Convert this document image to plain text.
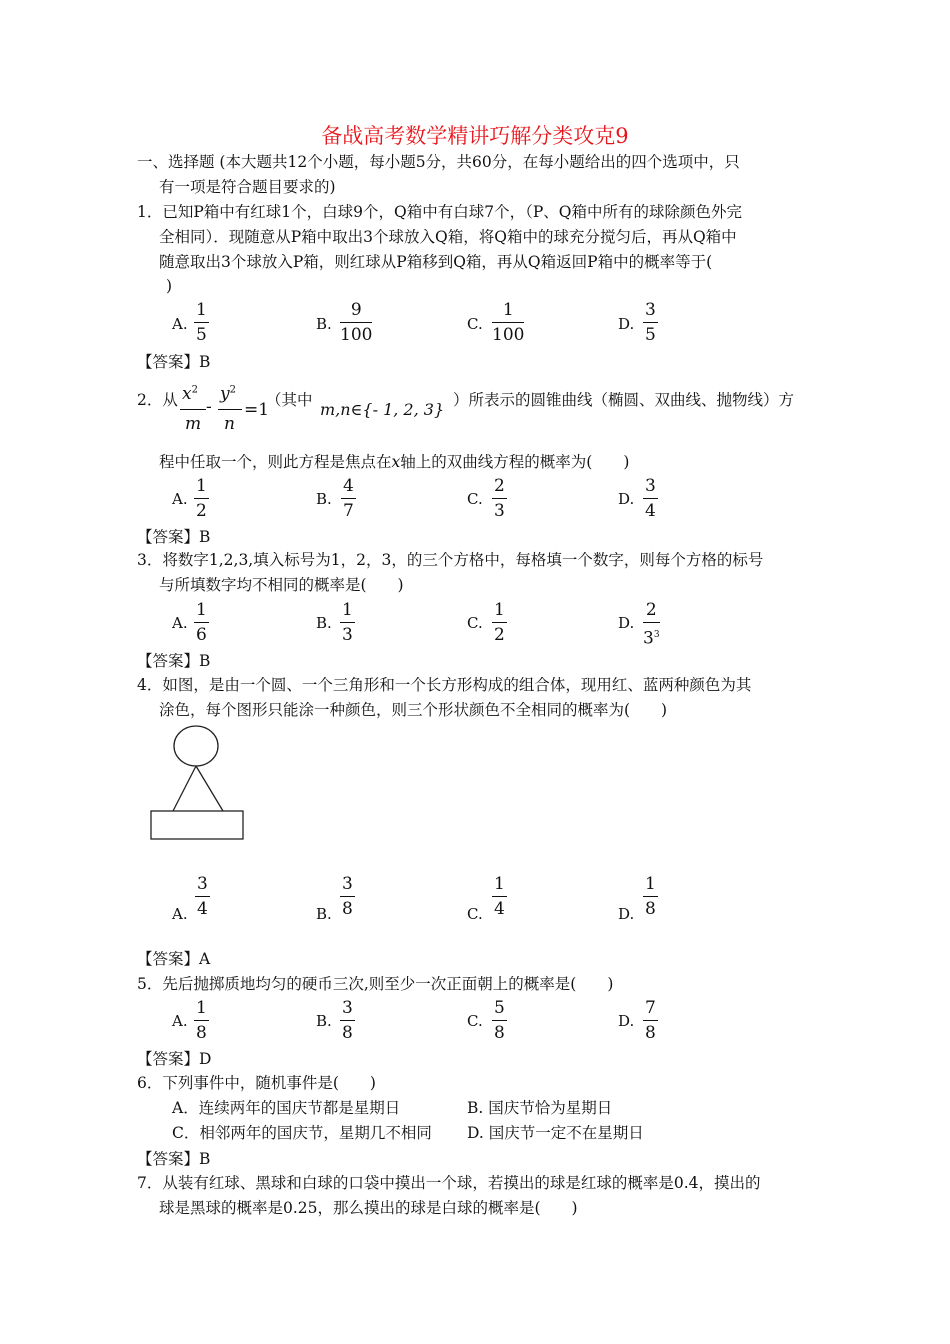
备战高考数学精讲巧解分类攻克9
一、选择题 (本大题共12个小题，每小题5分，共60分，在每小题给出的四个选项中，只
有一项是符合题目要求的)
1．已知P箱中有红球1个，白球9个，Q箱中有白球7个，（P、Q箱中所有的球除颜色外完
全相同）．现随意从P箱中取出3个球放入Q箱，将Q箱中的球充分搅匀后，再从Q箱中
随意取出3个球放入P箱，则红球从P箱移到Q箱，再从Q箱返回P箱中的概率等于(
)
A.
1
5
B.
9
100
C.
1
100
D.
3
5
【答案】B
2．从 $x^2$
m
-
$y^2$
n
=1
（其中 m,n∈{- 1, 2, 3} ）所表示的圆锥曲线（椭圆、双曲线、抛物线）方
程中任取一个，则此方程是焦点在x轴上的双曲线方程的概率为(　　)
A.
1
2
B.
4
7
C.
2
3
D.
3
4
【答案】B
3．将数字1,2,3,填入标号为1，2，3，的三个方格中，每格填一个数字，则每个方格的标号
与所填数字均不相同的概率是(　　)
A.
1
6
B.
1
3
C.
1
2
D.
2
$3^3$
【答案】B
4．如图，是由一个圆、一个三角形和一个长方形构成的组合体，现用红、蓝两种颜色为其
涂色，每个图形只能涂一种颜色，则三个形状颜色不全相同的概率为(　　)
A.
3
4	B.
3
8	C.
1
4	D.
1
8
【答案】A
5．先后抛掷质地均匀的硬币三次,则至少一次正面朝上的概率是(　　)
A.
1
8
B.
3
8
C.
5
8
D.
7
8
【答案】D
6．下列事件中，随机事件是(　　)
A．连续两年的国庆节都是星期日	B. 国庆节恰为星期日
C．相邻两年的国庆节，星期几不相同 D. 国庆节一定不在星期日
【答案】B
7．从装有红球、黑球和白球的口袋中摸出一个球，若摸出的球是红球的概率是0.4，摸出的
球是黑球的概率是0.25，那么摸出的球是白球的概率是(　　)
